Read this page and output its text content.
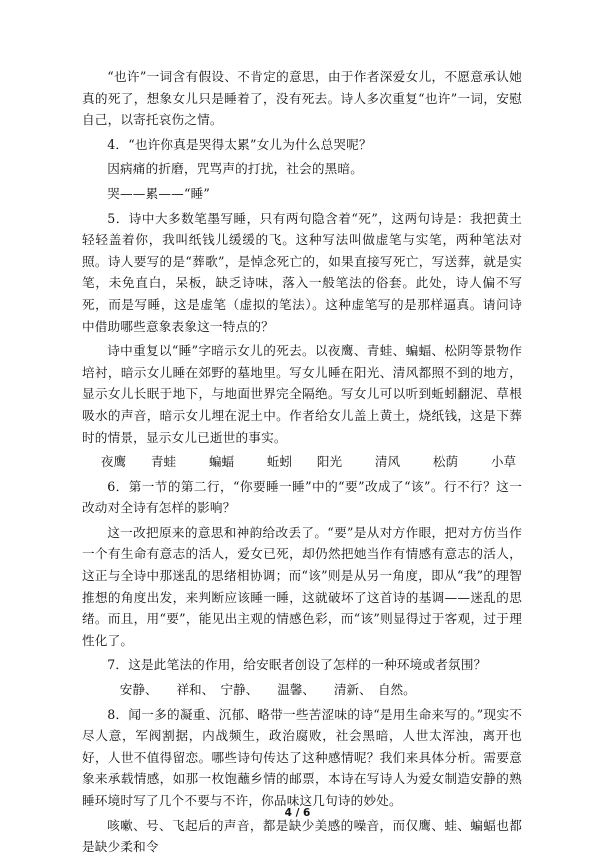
“也许”一词含有假设、不肯定的意思，由于作者深爱女儿，不愿意承认她真的死了，想象女儿只是睡着了，没有死去。诗人多次重复“也许”一词，安慰自己，以寄托哀伤之情。

4．“也许你真是哭得太累”女儿为什么总哭呢？

因病痛的折磨，咒骂声的打扰，社会的黑暗。

哭——累——“睡”

5．诗中大多数笔墨写睡，只有两句隐含着“死”，这两句诗是：我把黄土轻轻盖着你，我叫纸钱儿缓缓的飞。这种写法叫做虚笔与实笔，两种笔法对照。诗人要写的是“葬歌”，是悼念死亡的，如果直接写死亡，写送葬，就是实笔，未免直白，呆板，缺乏诗味，落入一般笔法的俗套。此处，诗人偏不写死，而是写睡，这是虚笔（虚拟的笔法）。这种虚笔写的是那样逼真。请问诗中借助哪些意象表象这一特点的？

诗中重复以“睡”字暗示女儿的死去。以夜鹰、青蛙、蝙蝠、松阴等景物作培衬，暗示女儿睡在郊野的墓地里。写女儿睡在阳光、清风都照不到的地方，显示女儿长眠于地下，与地面世界完全隔绝。写女儿可以听到蚯蚓翻泥、草根吸水的声音，暗示女儿埋在泥土中。作者给女儿盖上黄土，烧纸钱，这是下葬时的情景，显示女儿已逝世的事实。

夜鹰	青蛙	蝙蝠	蚯蚓	阳光	清风	松荫	小草

6．第一节的第二行，“你要睡一睡”中的“要”改成了“该”。行不行？这一改动对全诗有怎样的影响？

这一改把原来的意思和神韵给改丢了。“要”是从对方作眼，把对方仿当作一个有生命有意志的活人，爱女已死，却仍然把她当作有情感有意志的活人，这正与全诗中那迷乱的思绪相协调；而“该”则是从另一角度，即从“我”的理智推想的角度出发，来判断应该睡一睡，这就破坏了这首诗的基调——迷乱的思绪。而且，用“要”，能见出主观的情感色彩，而“该”则显得过于客观，过于理性化了。

7．这是此笔法的作用，给安眠者创设了怎样的一种环境或者氛围？

安静、　　祥和、　宁静、　　温馨、　　清新、　自然。

8．闻一多的凝重、沉郁、略带一些苦涩味的诗“是用生命来写的。”现实不尽人意，军阀割据，内战频生，政治腐败，社会黑暗，人世太浑浊，离开也好，人世不值得留恋。哪些诗句传达了这种感情呢？我们来具体分析。需要意象来承载情感，如那一枚饱蘸乡情的邮票，本诗在写诗人为爱女制造安静的熟睡环境时写了几个不要与不许，你品味这几句诗的妙处。

咳嗽、号、飞起后的声音，都是缺少美感的噪音，而仅鹰、蛙、蝙蝠也都是缺少柔和令

4 / 6
